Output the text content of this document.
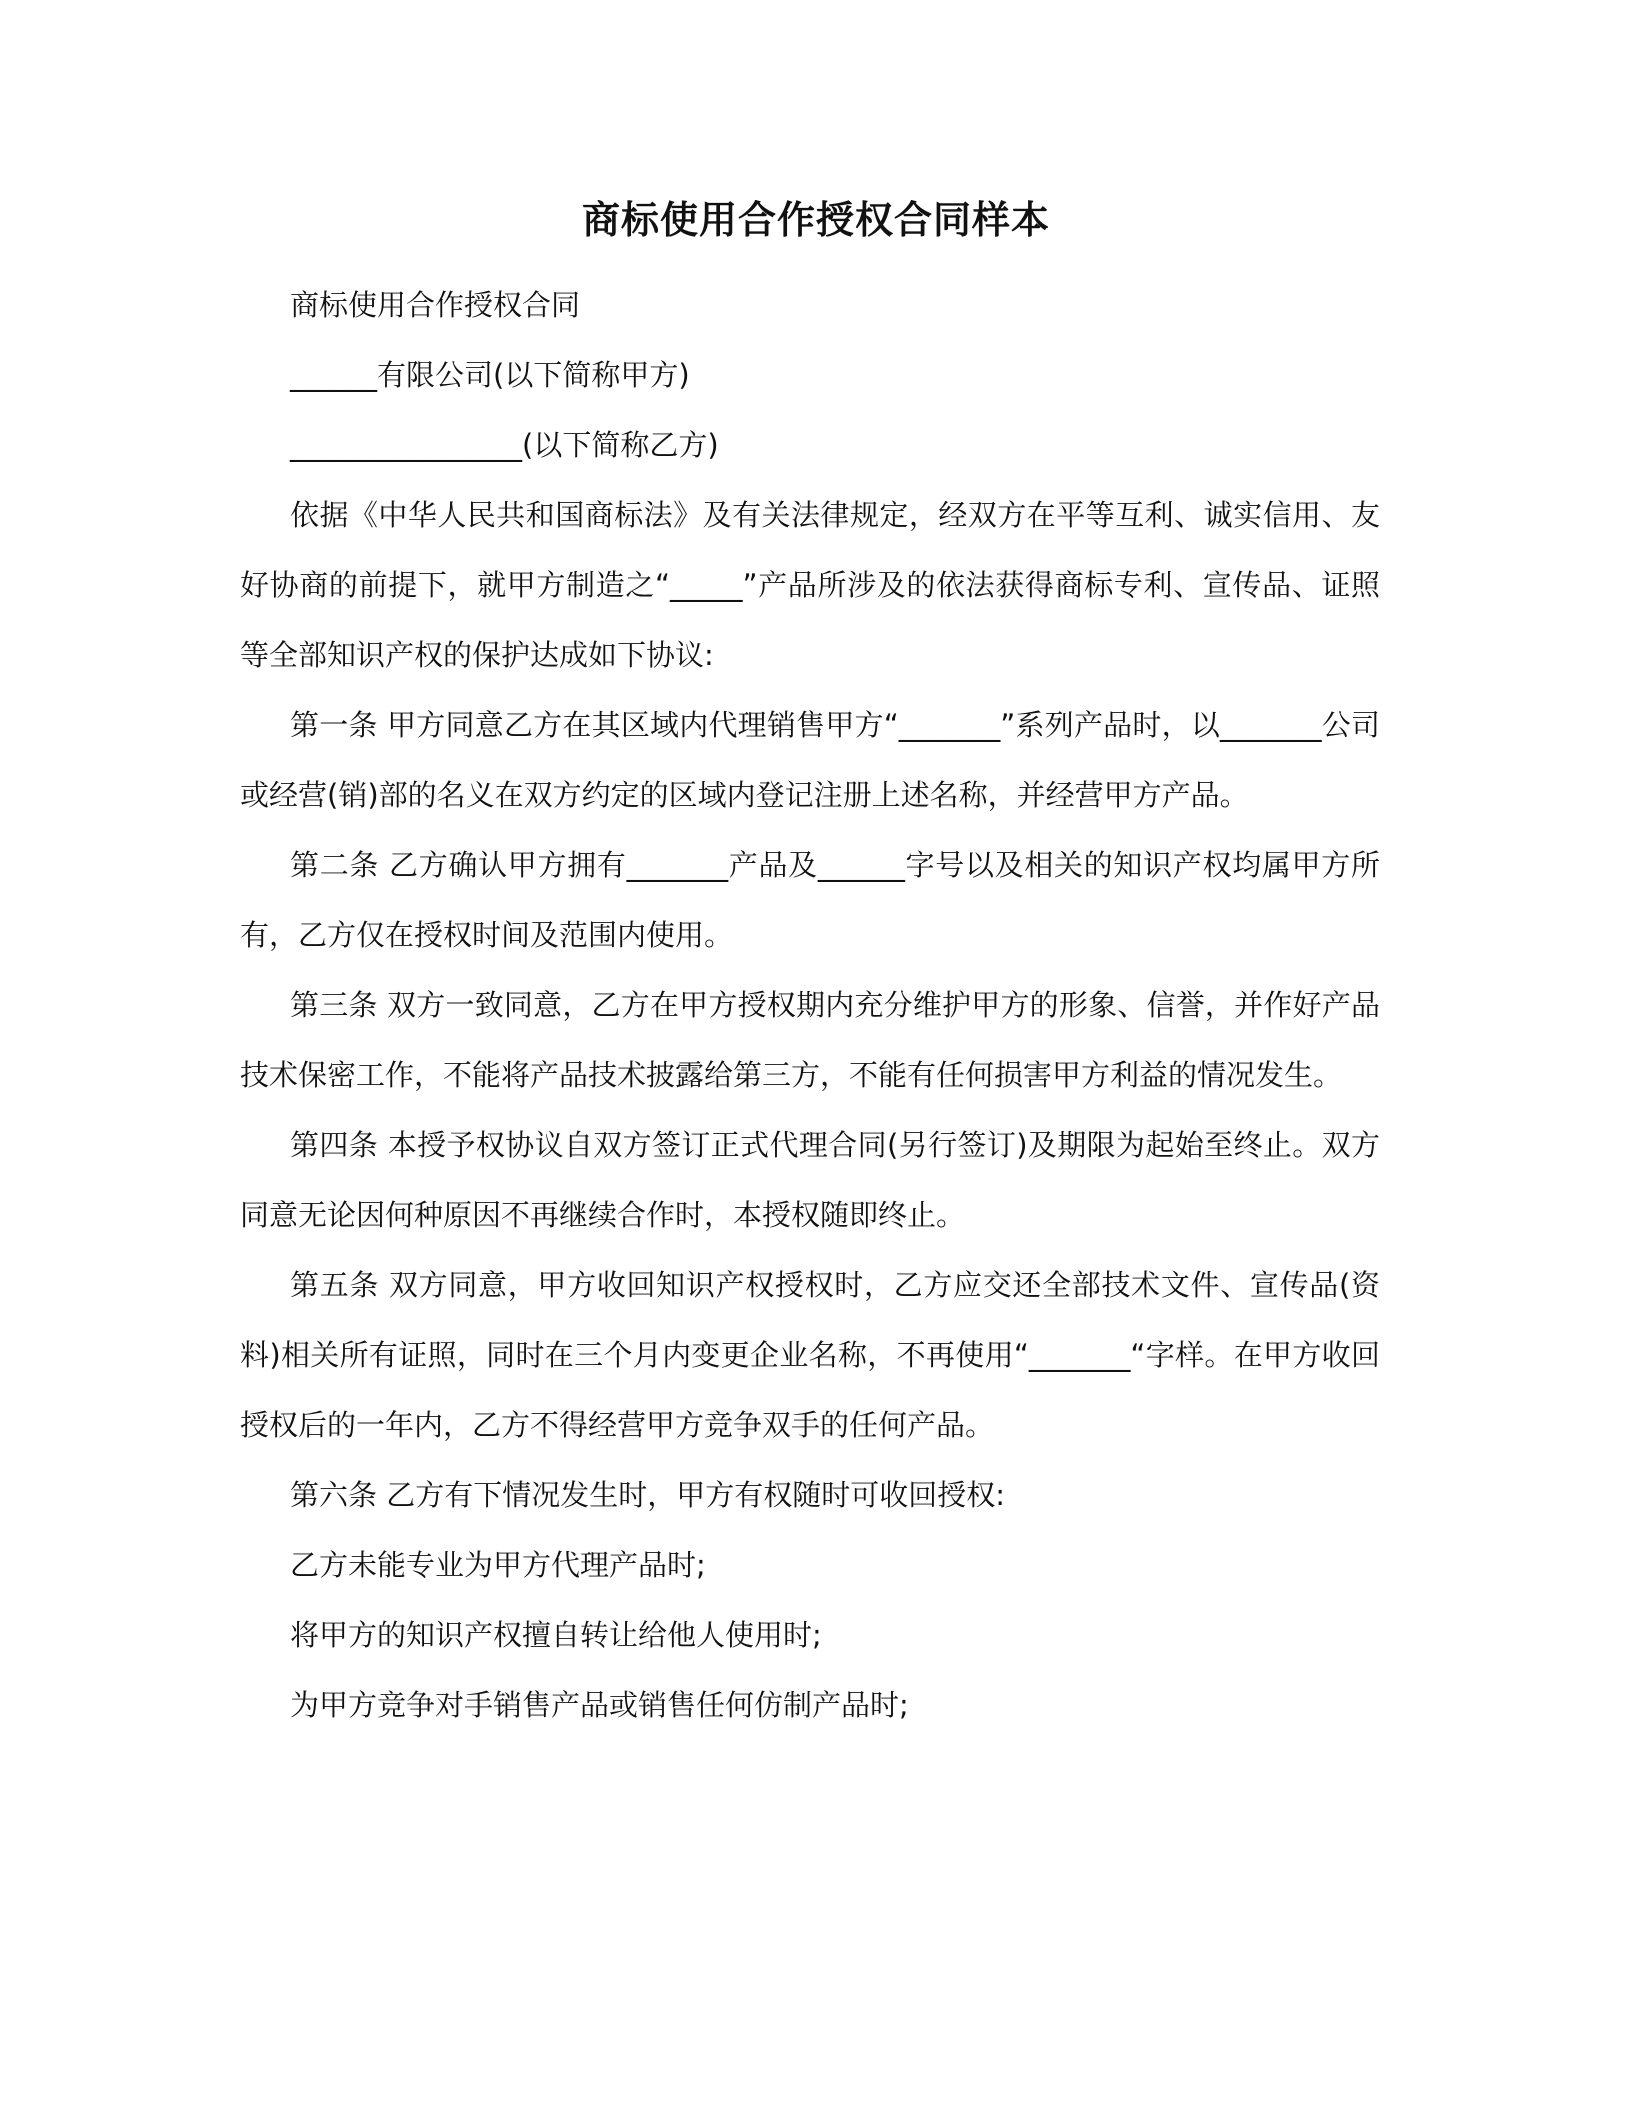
商标使用合作授权合同样本

商标使用合作授权合同

______有限公司(以下简称甲方)

________________(以下简称乙方)

依据《中华人民共和国商标法》及有关法律规定，经双方在平等互利、诚实信用、友好协商的前提下，就甲方制造之“_____”产品所涉及的依法获得商标专利、宣传品、证照等全部知识产权的保护达成如下协议:

第一条 甲方同意乙方在其区域内代理销售甲方“_______”系列产品时，以_______公司或经营(销)部的名义在双方约定的区域内登记注册上述名称，并经营甲方产品。

第二条 乙方确认甲方拥有_______产品及______字号以及相关的知识产权均属甲方所有，乙方仅在授权时间及范围内使用。

第三条 双方一致同意，乙方在甲方授权期内充分维护甲方的形象、信誉，并作好产品技术保密工作，不能将产品技术披露给第三方，不能有任何损害甲方利益的情况发生。

第四条 本授予权协议自双方签订正式代理合同(另行签订)及期限为起始至终止。双方同意无论因何种原因不再继续合作时，本授权随即终止。

第五条 双方同意，甲方收回知识产权授权时，乙方应交还全部技术文件、宣传品(资料)相关所有证照，同时在三个月内变更企业名称，不再使用“_______“字样。在甲方收回授权后的一年内，乙方不得经营甲方竞争双手的任何产品。

第六条 乙方有下情况发生时，甲方有权随时可收回授权:

乙方未能专业为甲方代理产品时;

将甲方的知识产权擅自转让给他人使用时;

为甲方竞争对手销售产品或销售任何仿制产品时;
